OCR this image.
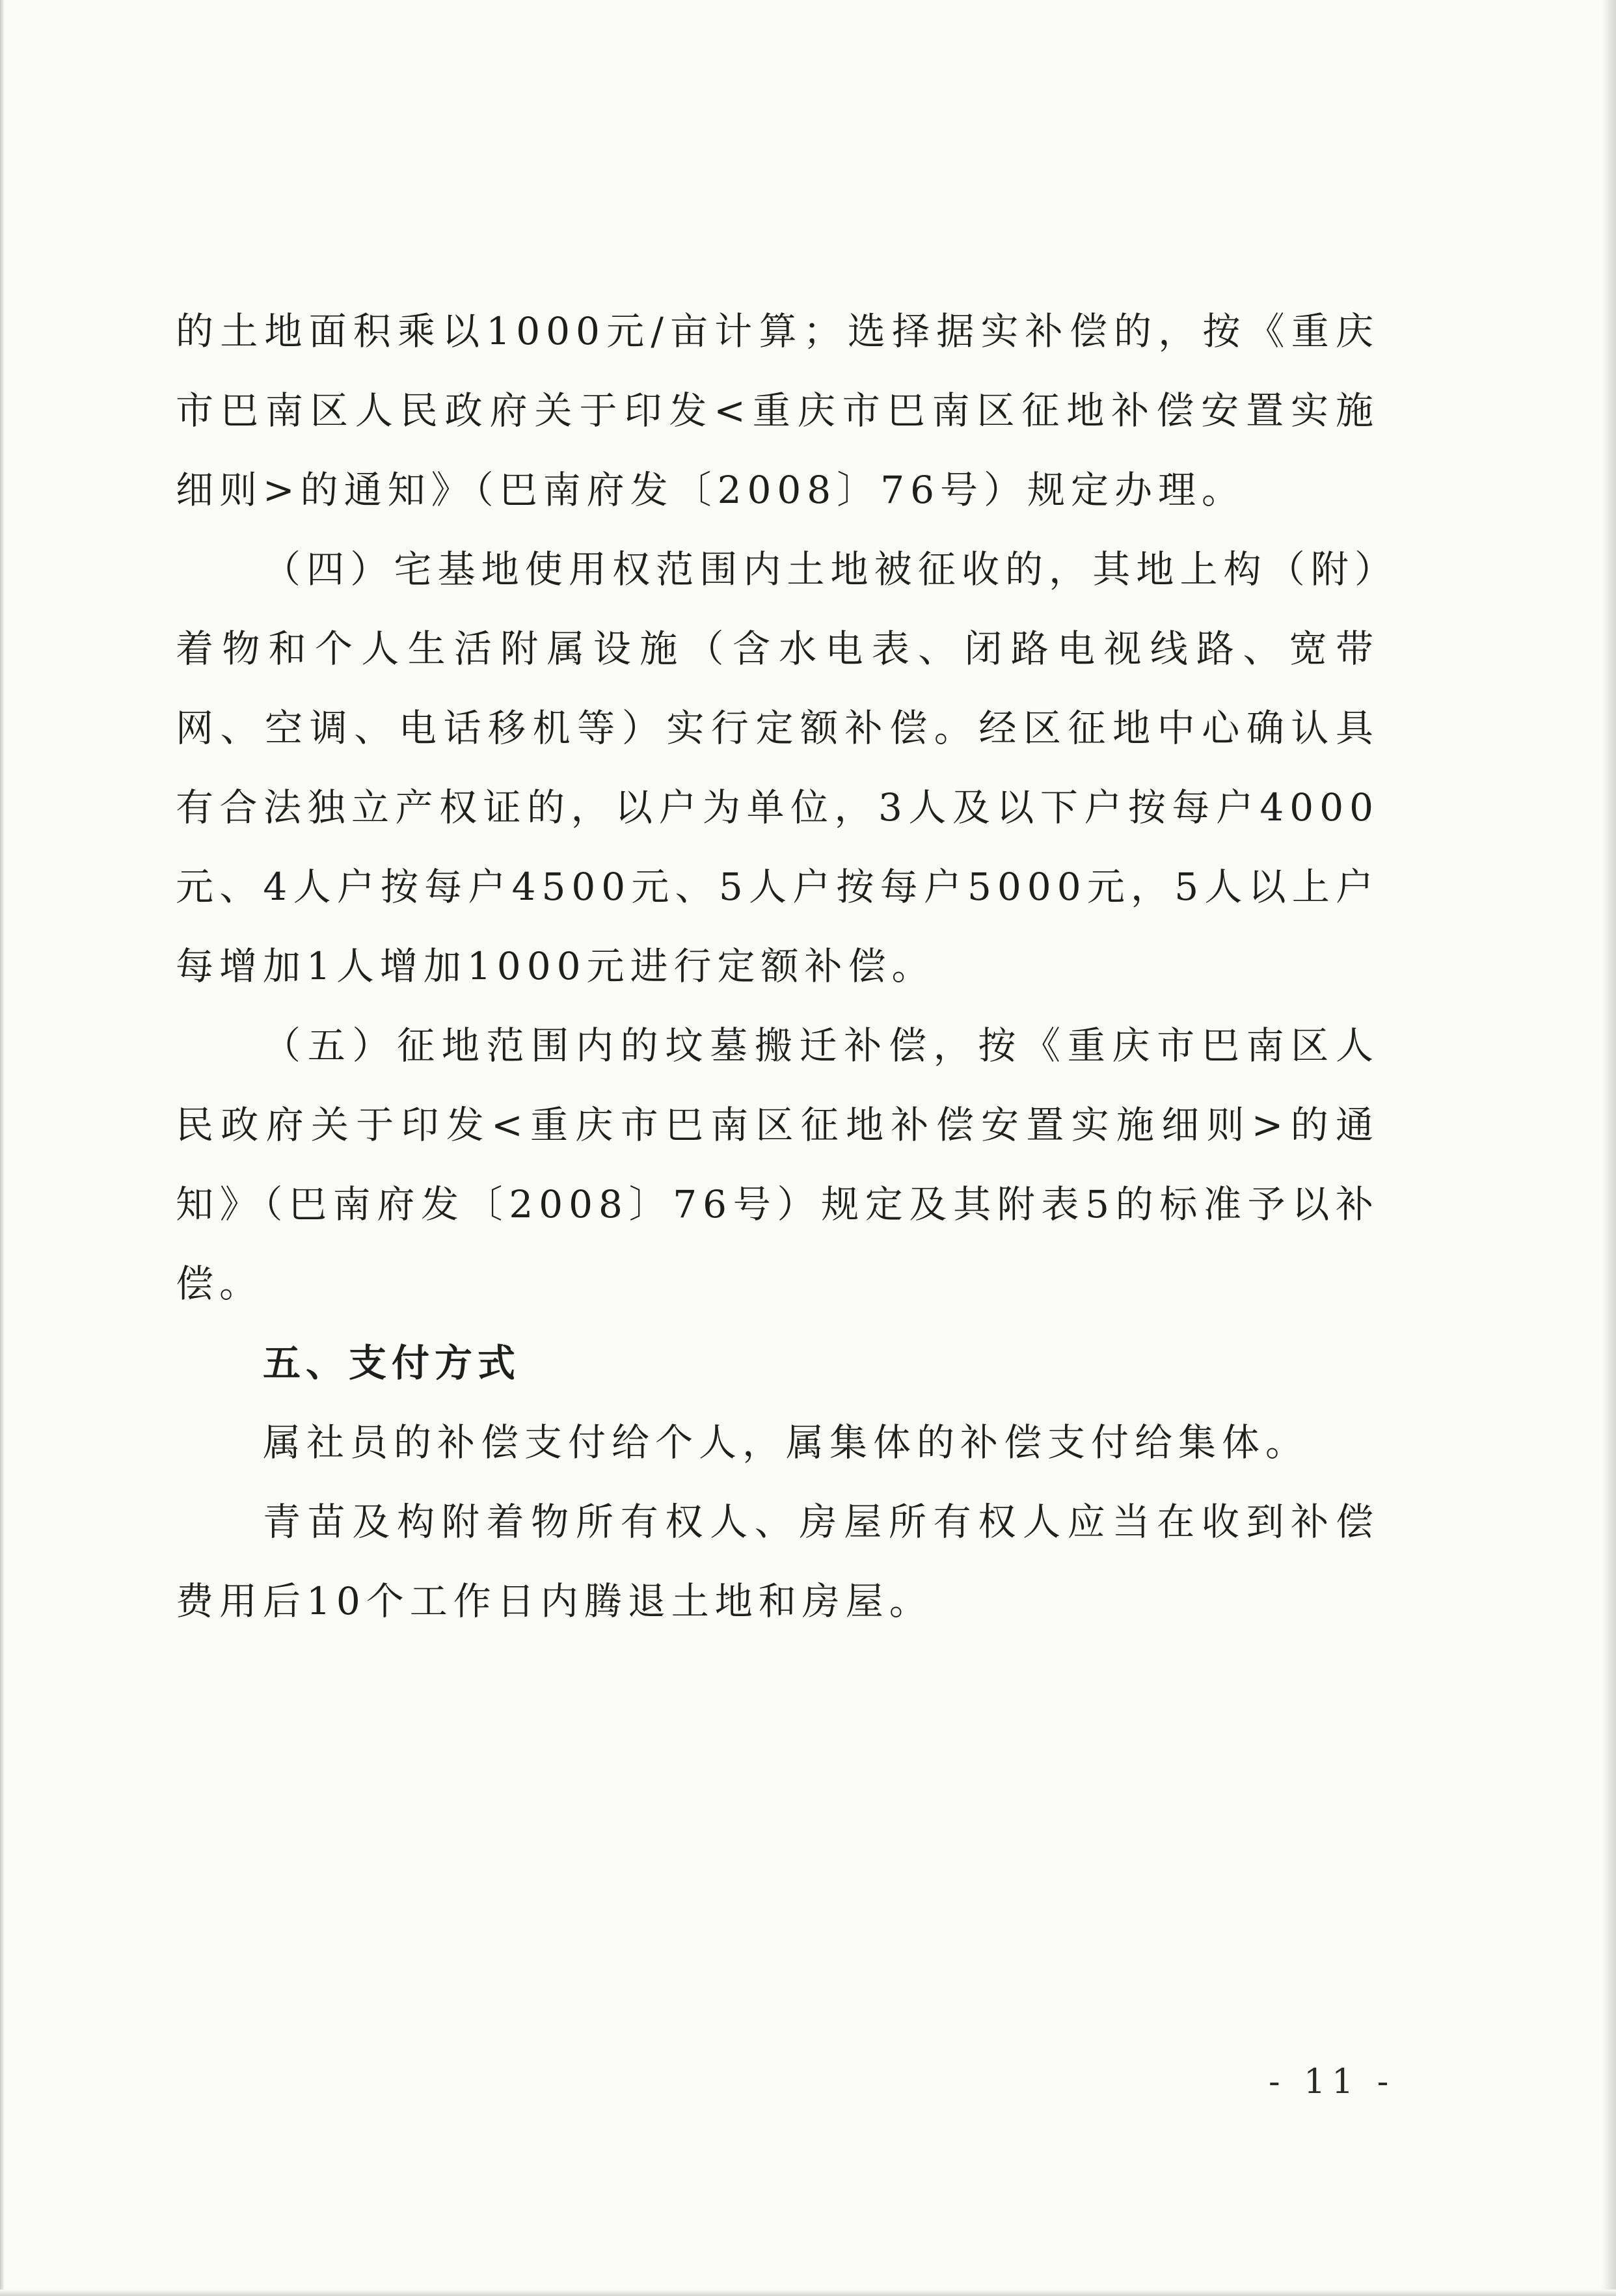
的土地面积乘以1000元/亩计算；选择据实补偿的，按《重庆市巴南区人民政府关于印发<重庆市巴南区征地补偿安置实施细则>的通知》（巴南府发〔2008〕76号）规定办理。

（四）宅基地使用权范围内土地被征收的，其地上构（附）着物和个人生活附属设施（含水电表、闭路电视线路、宽带网、空调、电话移机等）实行定额补偿。经区征地中心确认具有合法独立产权证的，以户为单位，3人及以下户按每户4000元、4人户按每户4500元、5人户按每户5000元，5人以上户每增加1人增加1000元进行定额补偿。

（五）征地范围内的坟墓搬迁补偿，按《重庆市巴南区人民政府关于印发<重庆市巴南区征地补偿安置实施细则>的通知》（巴南府发〔2008〕76号）规定及其附表5的标准予以补偿。

五、支付方式

属社员的补偿支付给个人，属集体的补偿支付给集体。

青苗及构附着物所有权人、房屋所有权人应当在收到补偿费用后10个工作日内腾退土地和房屋。

- 11 -
